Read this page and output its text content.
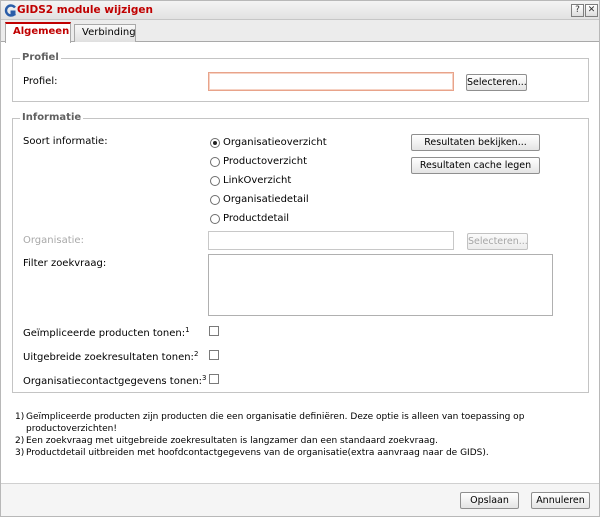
GIDS2 module wijzigen	? ✕
Algemeen	Verbinding
Profiel
Profiel:	Selecteren...
Informatie
Soort informatie:	Organisatieoverzicht
Productoverzicht
LinkOverzicht
Organisatiedetail
Productdetail
Resultaten bekijken...
Resultaten cache legen
Organisatie:	Selecteren...
Filter zoekvraag:
Geïmpliceerde producten tonen:$^1$
Uitgebreide zoekresultaten tonen:$^2$
Organisatiecontactgegevens tonen:$^3$
1) Geïmpliceerde producten zijn producten die een organisatie definiëren. Deze optie is alleen van toepassing op
productoverzichten!
2) Een zoekvraag met uitgebreide zoekresultaten is langzamer dan een standaard zoekvraag.
3) Productdetail uitbreiden met hoofdcontactgegevens van de organisatie(extra aanvraag naar de GIDS).
Opslaan	Annuleren
